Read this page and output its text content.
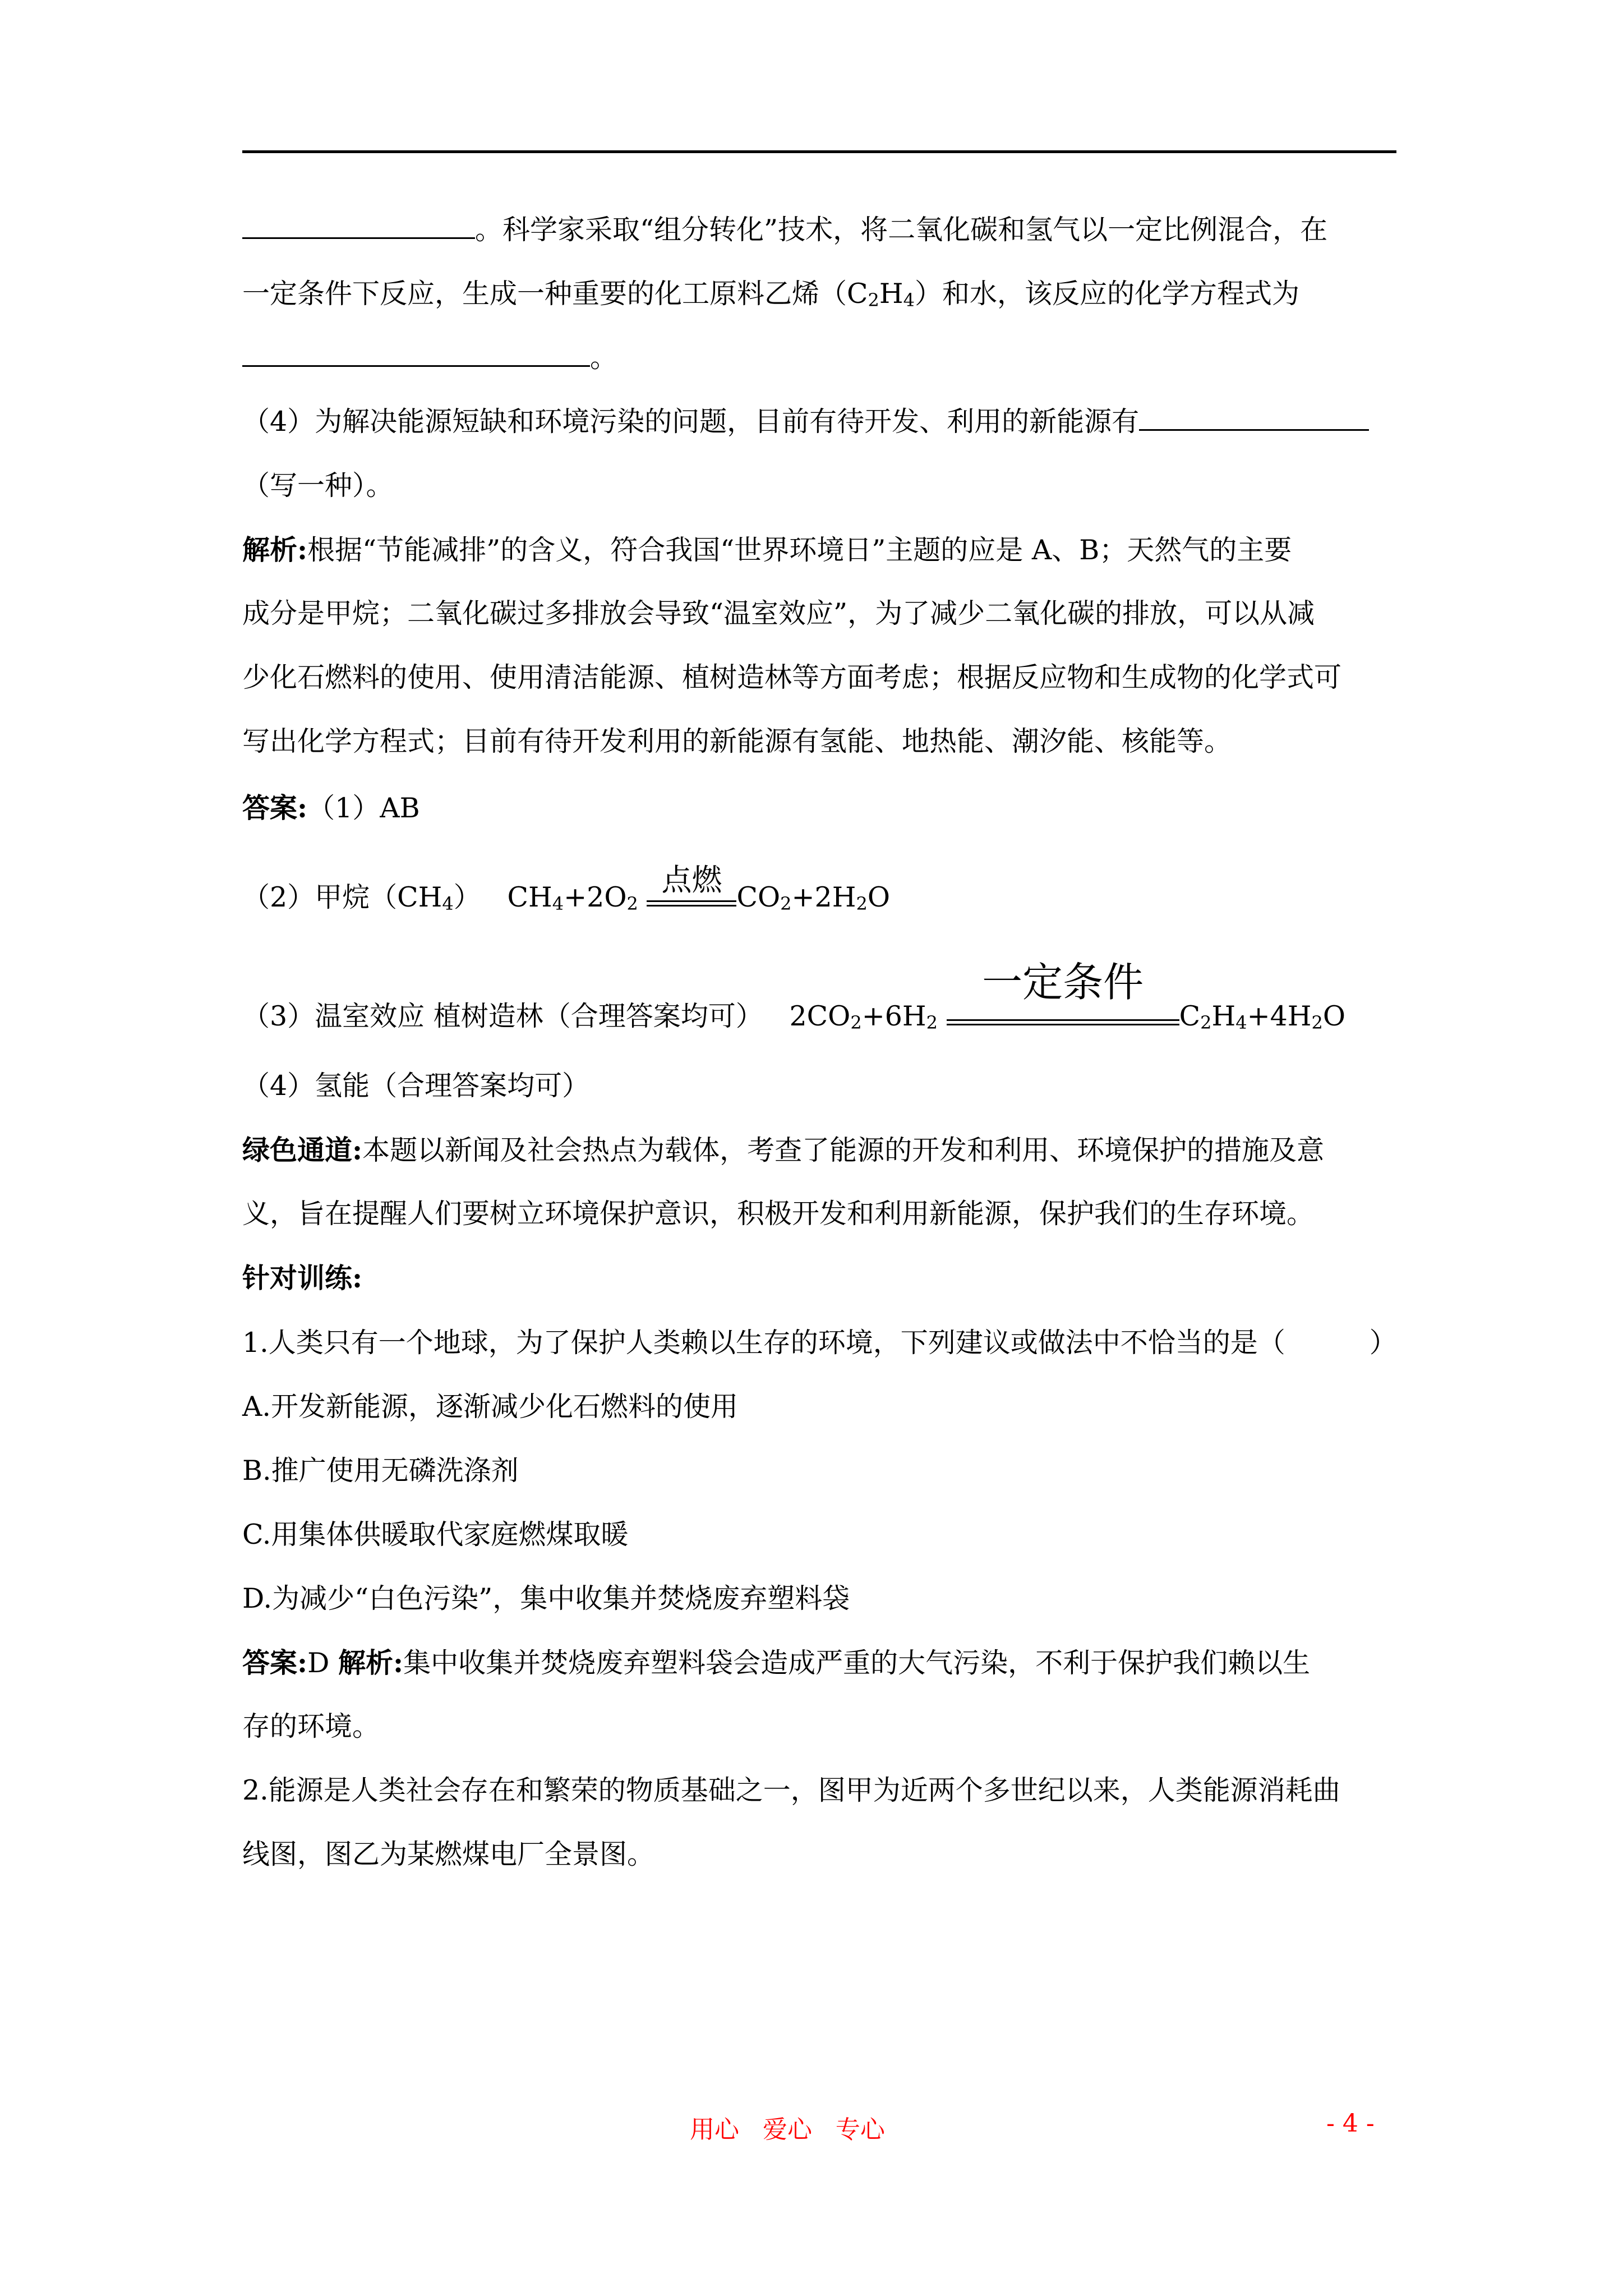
。科学家采取“组分转化”技术，将二氧化碳和氢气以一定比例混合，在
一定条件下反应，生成一种重要的化工原料乙烯$(C_2H_4)$和水，该反应的化学方程式为
。
（4）为解决能源短缺和环境污染的问题，目前有待开发、利用的新能源有
（写一种）。
解析:根据“节能减排”的含义，符合我国“世界环境日”主题的应是 A、B；天然气的主要
成分是甲烷；二氧化碳过多排放会导致“温室效应”，为了减少二氧化碳的排放，可以从减
少化石燃料的使用、使用清洁能源、植树造林等方面考虑；根据反应物和生成物的化学式可
写出化学方程式；目前有待开发利用的新能源有氢能、地热能、潮汐能、核能等。
答案:（1）AB
（2）甲烷$(CH_4)$ $CH_4+2O_2$
点燃 $CO_2+2H_2O$
（3）温室效应 植树造林（合理答案均可） $2CO_2+6H_2$
一定条件
$C_2H_4+4H_2O$
（4）氢能（合理答案均可）
绿色通道:本题以新闻及社会热点为载体，考查了能源的开发和利用、环境保护的措施及意
义，旨在提醒人们要树立环境保护意识，积极开发和利用新能源，保护我们的生存环境。
针对训练:
1.人类只有一个地球，为了保护人类赖以生存的环境，下列建议或做法中不恰当的是（	）
A.开发新能源，逐渐减少化石燃料的使用
B.推广使用无磷洗涤剂
C.用集体供暖取代家庭燃煤取暖
D.为减少“白色污染”，集中收集并焚烧废弃塑料袋
答案:D 解析:集中收集并焚烧废弃塑料袋会造成严重的大气污染，不利于保护我们赖以生
存的环境。
2.能源是人类社会存在和繁荣的物质基础之一，图甲为近两个多世纪以来，人类能源消耗曲
线图，图乙为某燃煤电厂全景图。
用心   爱心   专心	- 4 -
